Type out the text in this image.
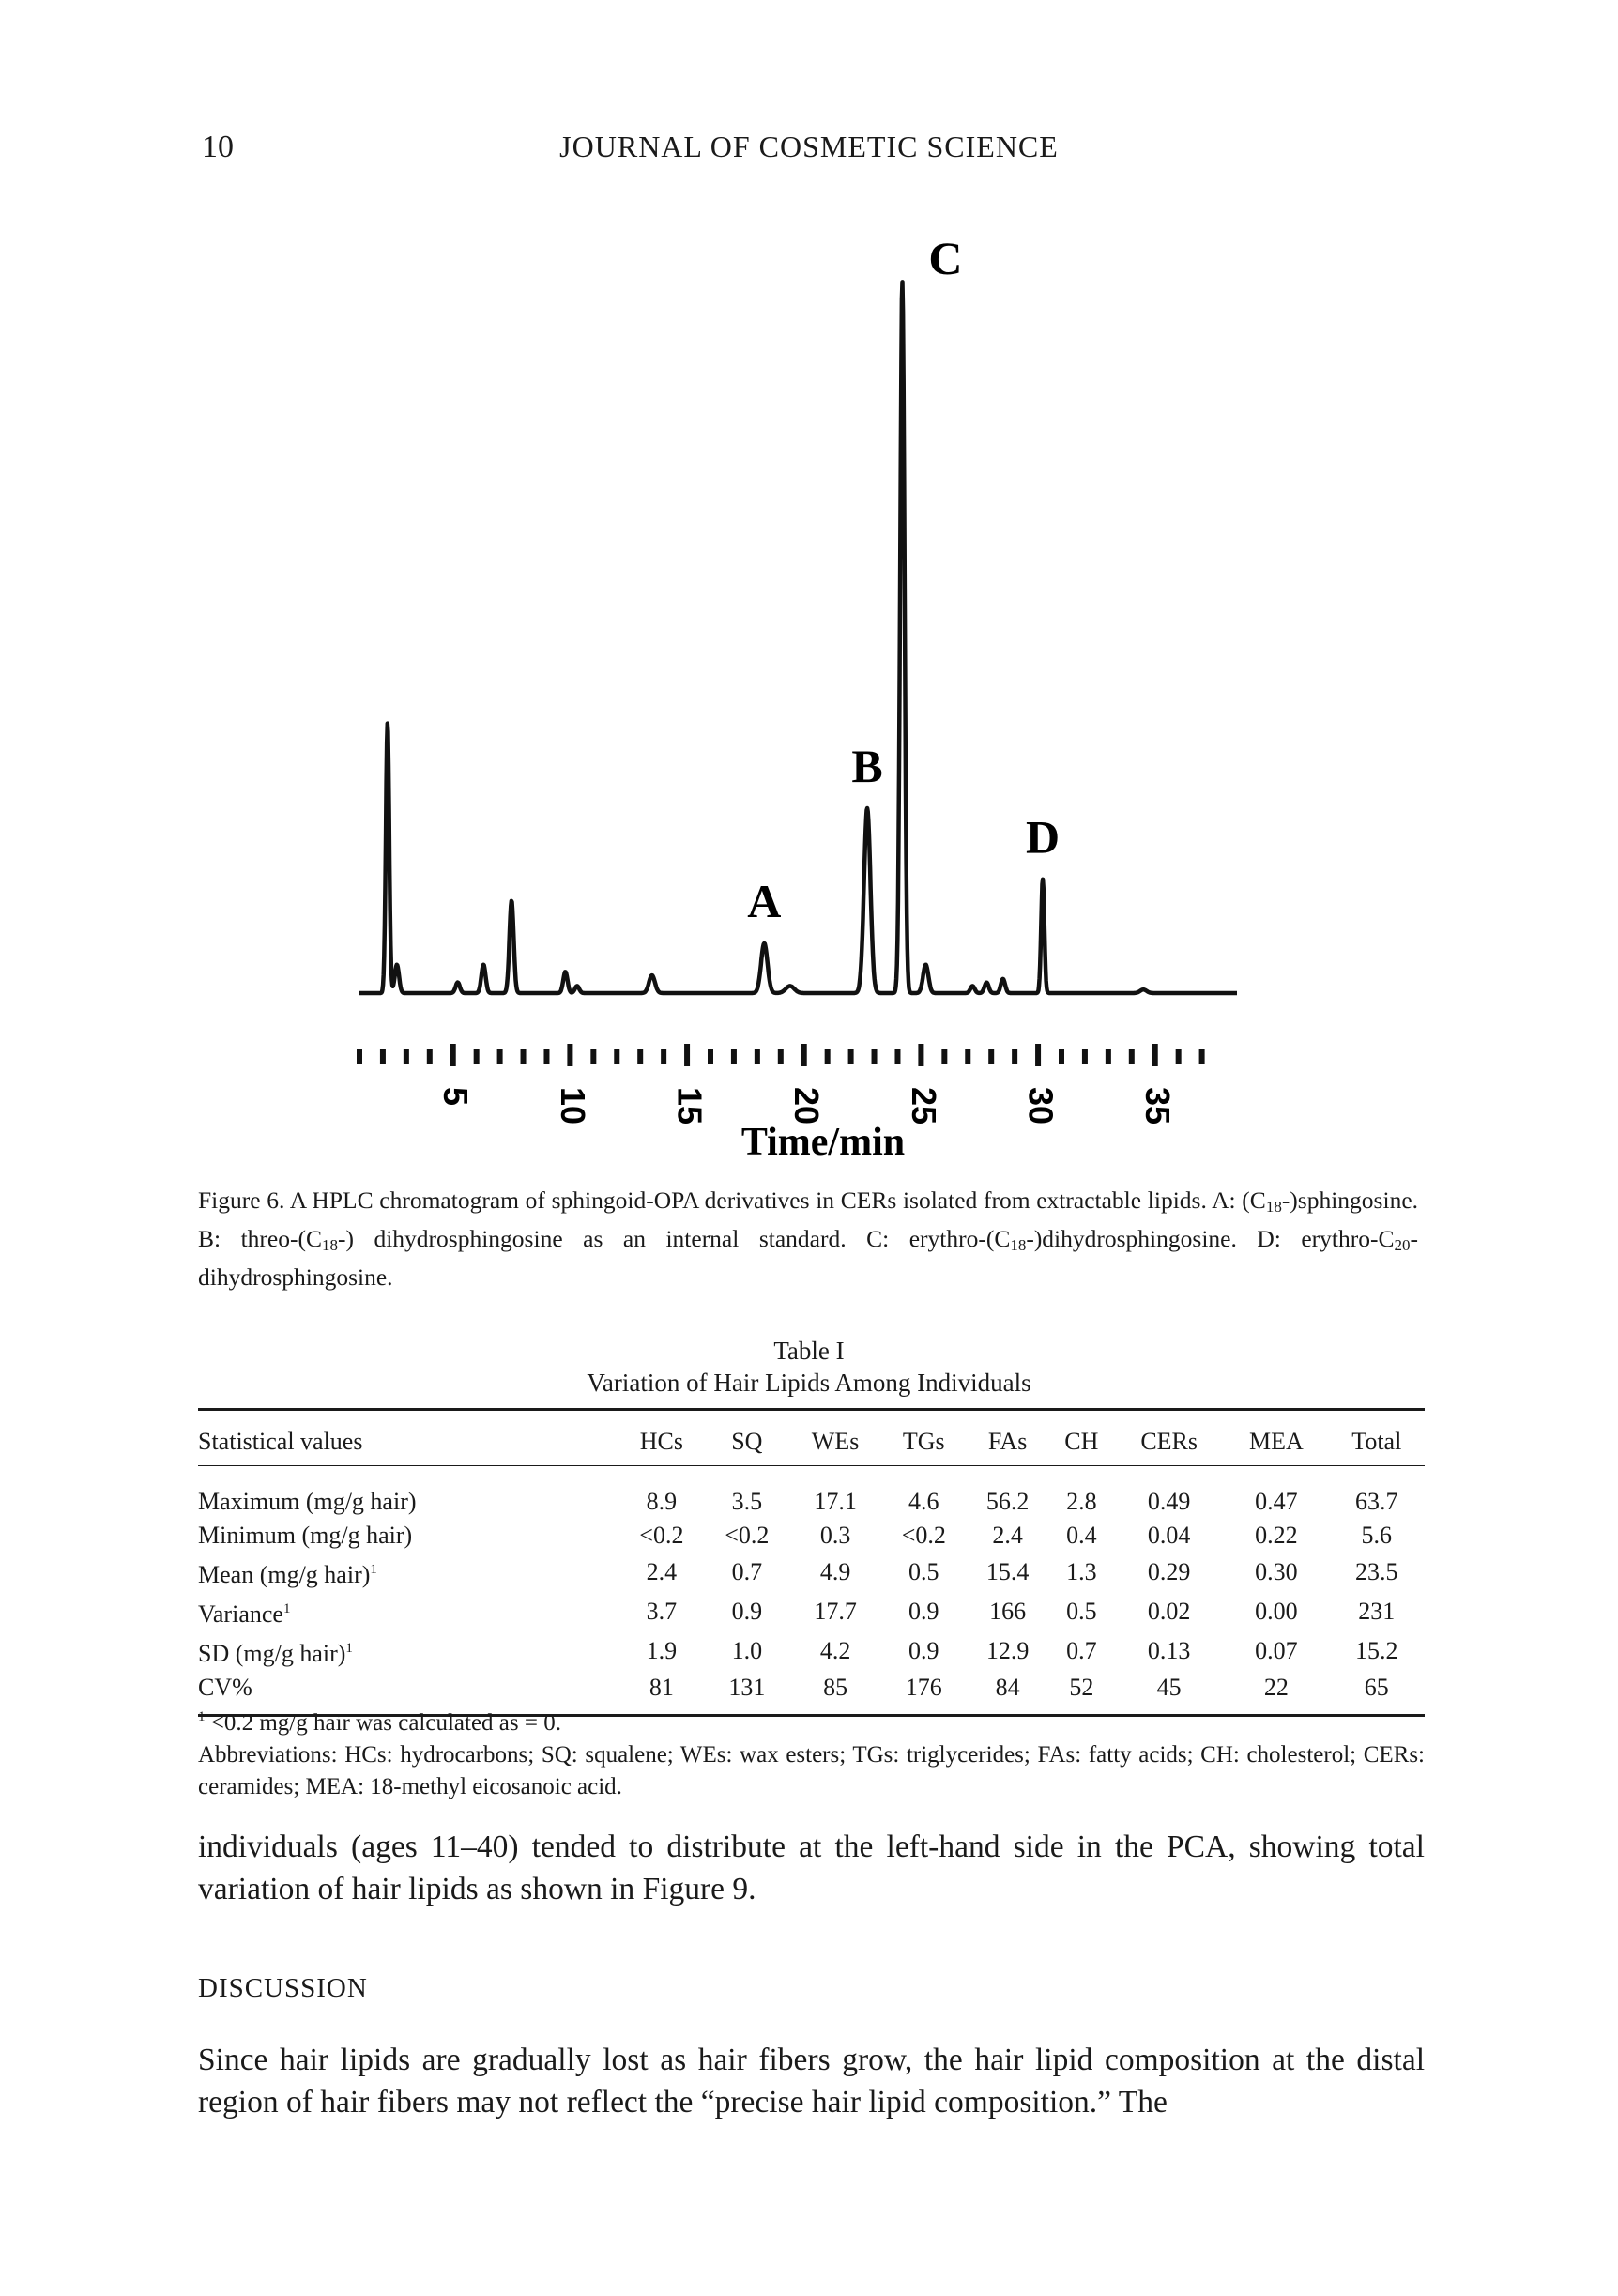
10	JOURNAL OF COSMETIC SCIENCE
A
B
C
D
5 10 15 20 25 30 35
Time/min
Figure 6. A HPLC chromatogram of sphingoid-OPA derivatives in CERs isolated from extractable lipids. A: $(C_{18}-)sphingosine$. B: threo-$(C_{18}-)$ dihydrosphingosine as an internal standard. C: erythro-$(C_{18}-)dihydrosphingosine$. D: erythro-$C_{20}$-dihydrosphingosine.
Table I
Variation of Hair Lipids Among Individuals
Statistical values	HCs	SQ	WEs	TGs	FAs	CH	CERs	MEA	Total
Maximum (mg/g hair)	8.9	3.5	17.1	4.6	56.2	2.8	0.49	0.47	63.7
Minimum (mg/g hair)	<0.2	<0.2	0.3	<0.2	2.4	0.4	0.04	0.22	5.6
Mean (mg/g hair)$^1$	2.4	0.7	4.9	0.5	15.4	1.3	0.29	0.30	23.5
Variance$^1$	3.7	0.9	17.7	0.9	166	0.5	0.02	0.00	231
SD (mg/g hair)$^1$	1.9	1.0	4.2	0.9	12.9	0.7	0.13	0.07	15.2
CV%	81	131	85	176	84	52	45	22	65
$^1$ <0.2 mg/g hair was calculated as = 0.
Abbreviations: HCs: hydrocarbons; SQ: squalene; WEs: wax esters; TGs: triglycerides; FAs: fatty acids; CH: cholesterol; CERs: ceramides; MEA: 18-methyl eicosanoic acid.
individuals (ages 11–40) tended to distribute at the left-hand side in the PCA, showing total variation of hair lipids as shown in Figure 9.
DISCUSSION
Since hair lipids are gradually lost as hair fibers grow, the hair lipid composition at the distal region of hair fibers may not reflect the “precise hair lipid composition.” The
